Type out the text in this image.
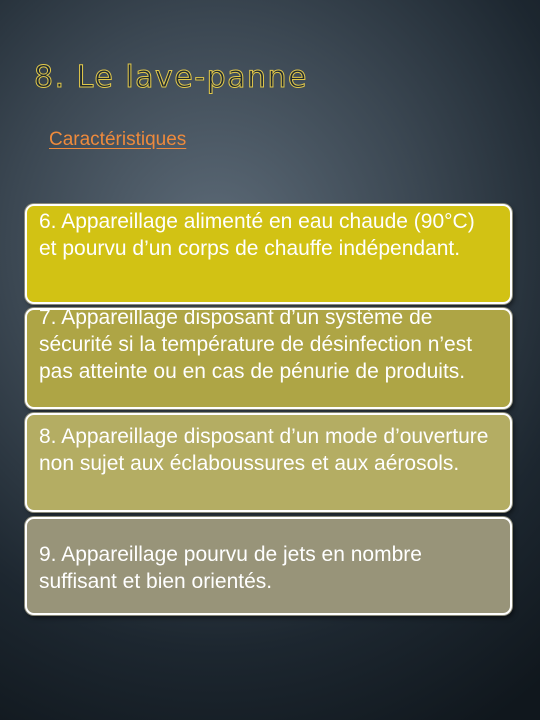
8. Le lave-panne
Caractéristiques
6. Appareillage alimenté en eau chaude (90°C) et pourvu d’un corps de chauffe indépendant.
7. Appareillage disposant d’un système de sécurité si la température de désinfection n’est pas atteinte ou en cas de pénurie de produits.
8. Appareillage disposant d’un mode d’ouverture non sujet aux éclaboussures et aux aérosols.
9. Appareillage pourvu de jets en nombre suffisant et bien orientés.
